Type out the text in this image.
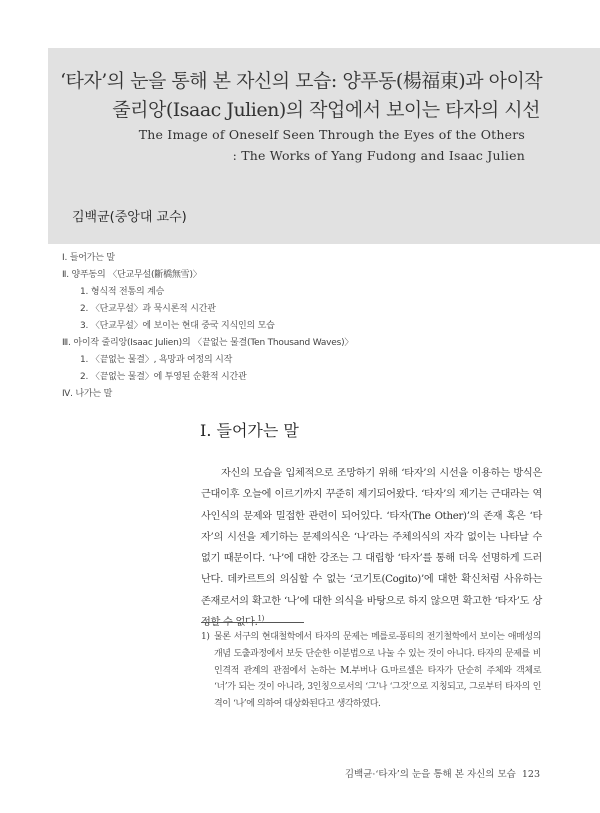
‘타자’의 눈을 통해 본 자신의 모습: 양푸동(楊福東)과 아이작
줄리앙(Isaac Julien)의 작업에서 보이는 타자의 시선
The Image of Oneself Seen Through the Eyes of the Others
: The Works of Yang Fudong and Isaac Julien
김백균(중앙대 교수)
Ⅰ. 들어가는 말
Ⅱ. 양푸동의 〈단교무설(斷橋無雪)〉
1. 형식적 전통의 계승
2. 〈단교무설〉과 묵시론적 시간관
3. 〈단교무설〉에 보이는 현대 중국 지식인의 모습
Ⅲ. 아이작 줄리앙(Isaac Julien)의 〈끝없는 물결(Ten Thousand Waves)〉
1. 〈끝없는 물결〉, 욕망과 여정의 시작
2. 〈끝없는 물결〉에 투영된 순환적 시간관
Ⅳ. 나가는 말
Ⅰ. 들어가는 말

자신의 모습을 입체적으로 조망하기 위해 ‘타자’의 시선을 이용하는 방식은 근대이후 오늘에 이르기까지 꾸준히 제기되어왔다. ‘타자’의 제기는 근대라는 역사인식의 문제와 밀접한 관련이 되어있다. ‘타자(The Other)’의 존재 혹은 ‘타자’의 시선을 제기하는 문제의식은 ‘나’라는 주체의식의 자각 없이는 나타날 수 없기 때문이다. ‘나’에 대한 강조는 그 대립항 ‘타자’를 통해 더욱 선명하게 드러난다. 데카르트의 의심할 수 없는 ‘코기토(Cogito)’에 대한 확신처럼 사유하는 존재로서의 확고한 ‘나’에 대한 의식을 바탕으로 하지 않으면 확고한 ‘타자’도 상정할 수 없다.$^{1)}$

1) 물론 서구의 현대철학에서 타자의 문제는 메를로-퐁티의 전기철학에서 보이는 애매성의 개념 도출과정에서 보듯 단순한 이분법으로 나눌 수 있는 것이 아니다. 타자의 문제를 비인격적 관계의 관점에서 논하는 M.부버나 G.마르셀은 타자가 단순히 주체와 객체로 ‘너’가 되는 것이 아니라, 3인칭으로서의 ‘그’나 ‘그것’으로 지칭되고, 그로부터 타자의 인격이 ‘나’에 의하여 대상화된다고 생각하였다.

김백균·‘타자’의 눈을 통해 본 자신의 모습 123
